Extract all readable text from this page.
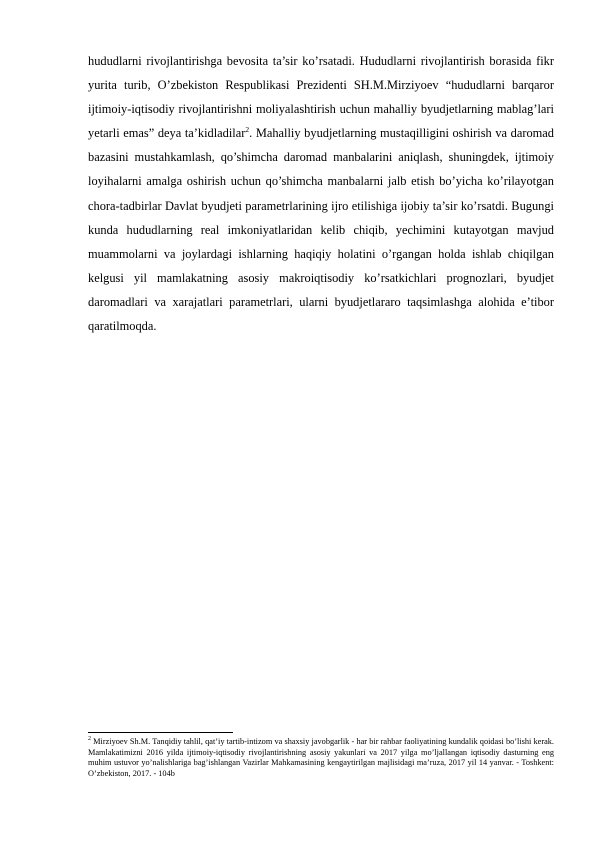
hududlarni rivojlantirishga bevosita ta’sir ko’rsatadi. Hududlarni rivojlantirish borasida fikr yurita turib, O’zbekiston Respublikasi Prezidenti SH.M.Mirziyoev “hududlarni barqaror ijtimoiy-iqtisodiy rivojlantirishni moliyalashtirish uchun mahalliy byudjetlarning mablag’lari yetarli emas” deya ta’kidladilar$^2$. Mahalliy byudjetlarning mustaqilligini oshirish va daromad bazasini mustahkamlash, qo’shimcha daromad manbalarini aniqlash, shuningdek, ijtimoiy loyihalarni amalga oshirish uchun qo’shimcha manbalarni jalb etish bo’yicha ko’rilayotgan chora-tadbirlar Davlat byudjeti parametrlarining ijro etilishiga ijobiy ta’sir ko’rsatdi. Bugungi kunda hududlarning real imkoniyatlaridan kelib chiqib, yechimini kutayotgan mavjud muammolarni va joylardagi ishlarning haqiqiy holatini o’rgangan holda ishlab chiqilgan kelgusi yil mamlakatning asosiy makroiqtisodiy ko’rsatkichlari prognozlari, byudjet daromadlari va xarajatlari parametrlari, ularni byudjetlararo taqsimlashga alohida e’tibor qaratilmoqda.

$^2$ Mirziyoev Sh.M. Tanqidiy tahlil, qat’iy tartib-intizom va shaxsiy javobgarlik - har bir rahbar faoliyatining kundalik qoidasi bo’lishi kerak. Mamlakatimizni 2016 yilda ijtimoiy-iqtisodiy rivojlantirishning asosiy yakunlari va 2017 yilga mo’ljallangan iqtisodiy dasturning eng muhim ustuvor yo’nalishlariga bag’ishlangan Vazirlar Mahkamasining kengaytirilgan majlisidagi ma’ruza, 2017 yil 14 yanvar. - Toshkent: O’zbekiston, 2017. - 104b
